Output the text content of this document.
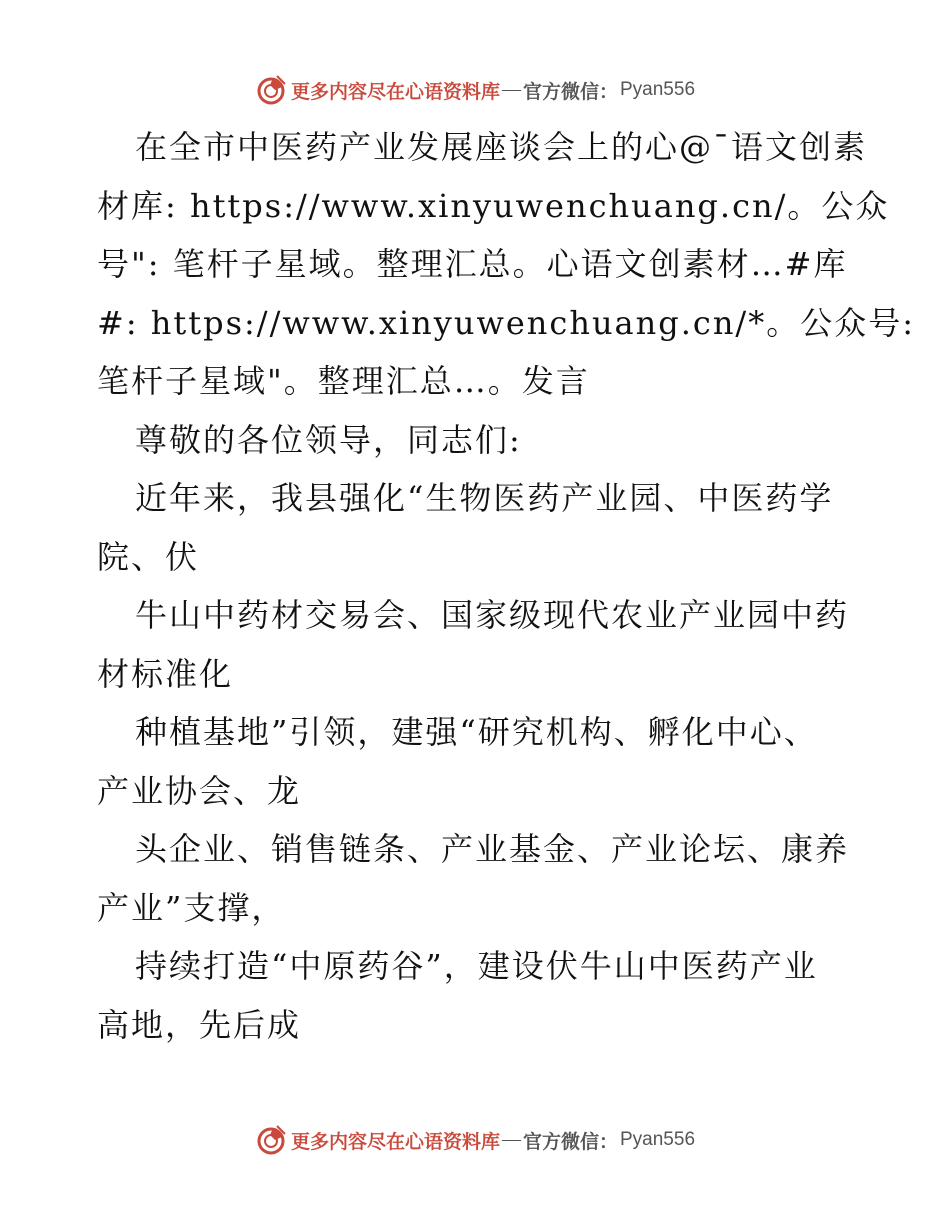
更多内容尽在心语资料库 — 官方微信： Pyan556
在全市中医药产业发展座谈会上的心@¯语文创素
材库: https://www.xinyuwenchuang.cn/。公众
号": 笔杆子星域。整理汇总。心语文创素材…#库
#: https://www.xinyuwenchuang.cn/*。公众号:
笔杆子星域"。整理汇总…。发言
尊敬的各位领导，同志们:
近年来，我县强化“生物医药产业园、中医药学
院、伏
牛山中药材交易会、国家级现代农业产业园中药
材标准化
种植基地”引领，建强“研究机构、孵化中心、
产业协会、龙
头企业、销售链条、产业基金、产业论坛、康养
产业”支撑，
持续打造“中原药谷”，建设伏牛山中医药产业
高地，先后成
更多内容尽在心语资料库 — 官方微信： Pyan556
